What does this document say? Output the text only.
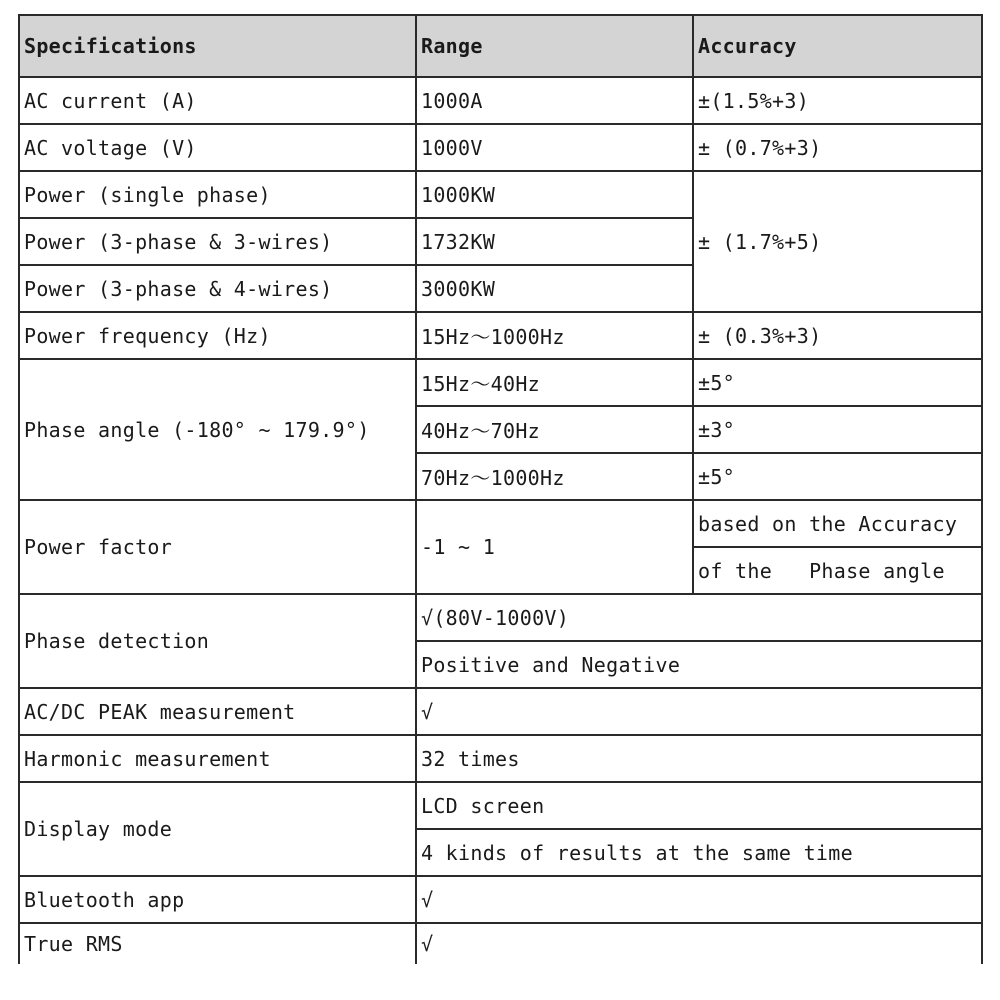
Specifications	Range	Accuracy
AC current (A)	1000A	±(1.5%+3)
AC voltage (V)	1000V	± (0.7%+3)
Power (single phase)	1000KW	± (1.7%+5)
Power (3-phase & 3-wires)	1732KW	
Power (3-phase & 4-wires)	3000KW	
Power frequency (Hz)	15Hz～1000Hz	± (0.3%+3)
Phase angle (-180° ~ 179.9°)	15Hz～40Hz	±5°
	40Hz～70Hz	±3°
	70Hz～1000Hz	±5°
Power factor	-1 ~ 1	based on the Accuracy
		of the   Phase angle
Phase detection	√(80V-1000V)	
	Positive and Negative	
AC/DC PEAK measurement	√	
Harmonic measurement	32 times	
Display mode	LCD screen	
	4 kinds of results at the same time	
Bluetooth app	√	
True RMS	√	
